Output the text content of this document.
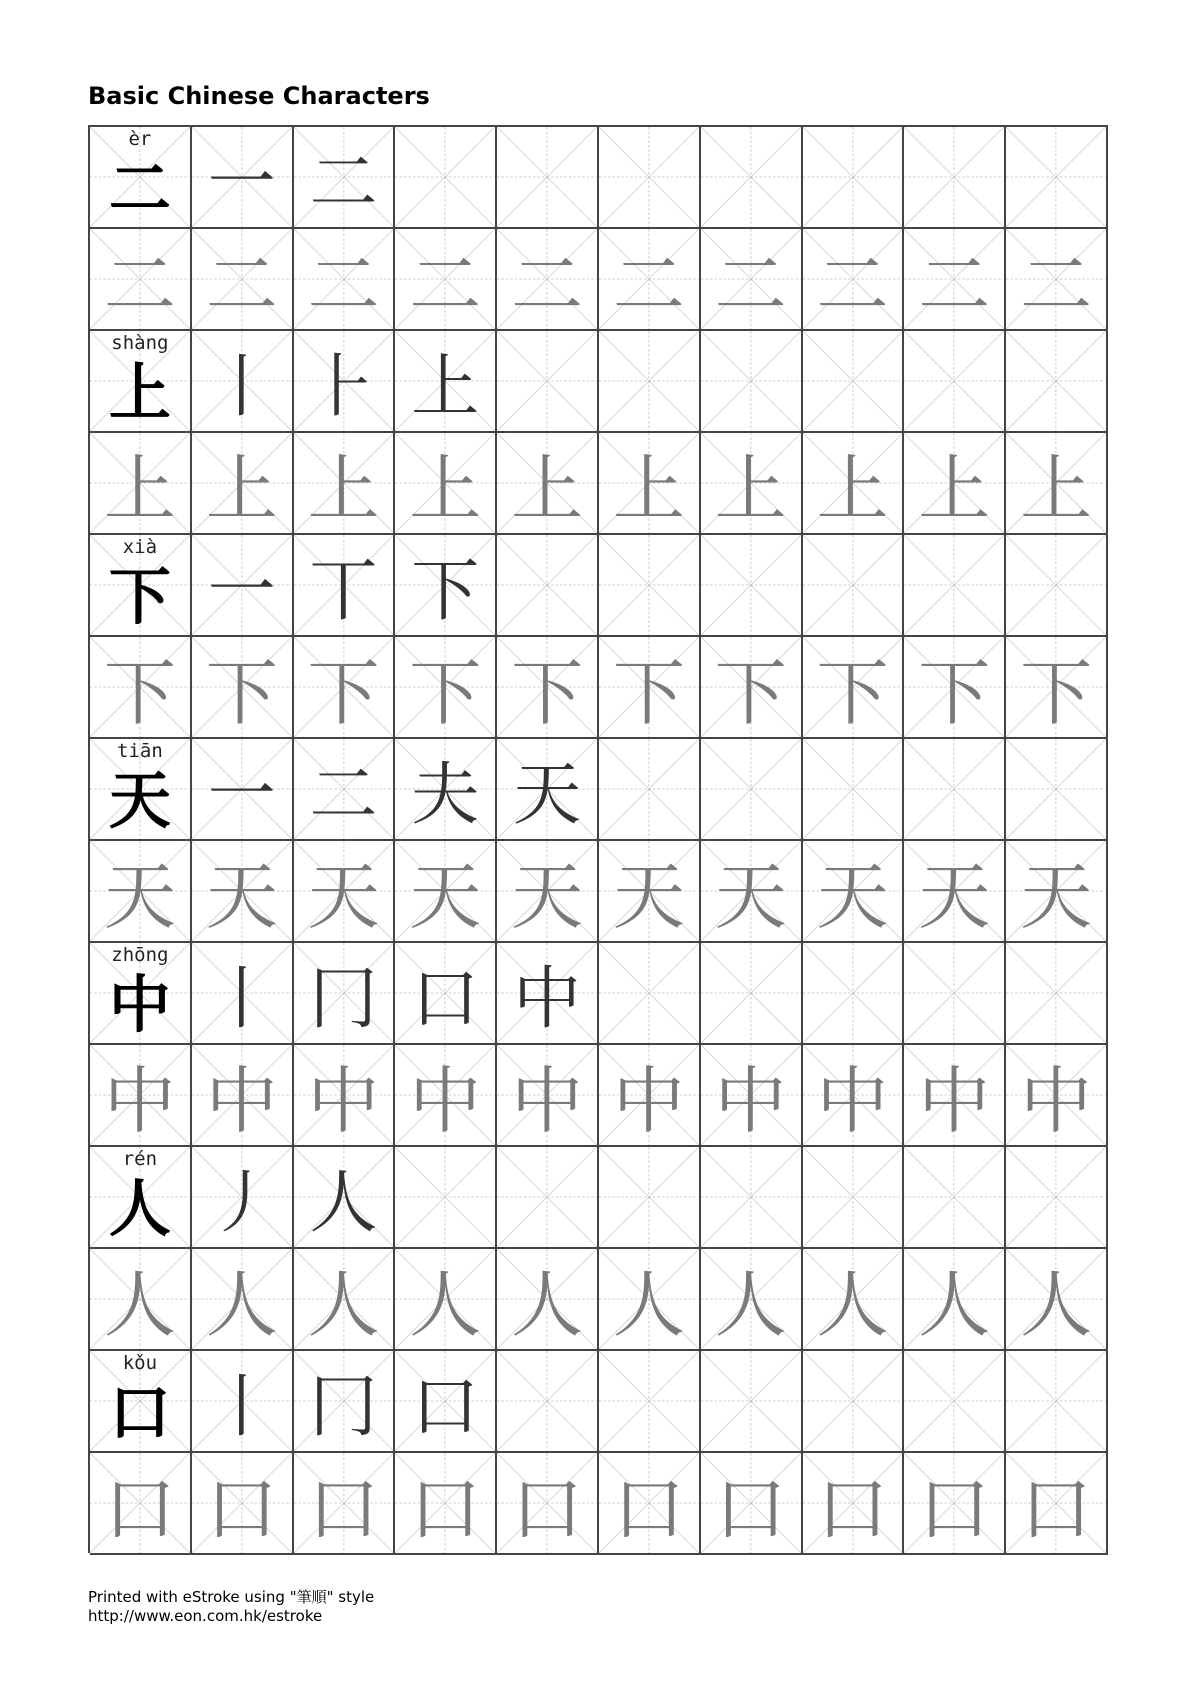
Basic Chinese Characters
èr
二 一 二
二 二 二 二 二 二 二 二 二 二
shàng
上 丨 ⺊ 上
上 上 上 上 上 上 上 上 上 上
xià
下 一 丅 下
下 下 下 下 下 下 下 下 下 下
tiān
天 一 二 夫 天
天 天 天 天 天 天 天 天 天 天
zhōng
中 丨 冂 口 中
中 中 中 中 中 中 中 中 中 中
rén
人 丿 人
人 人 人 人 人 人 人 人 人 人
kǒu
口 丨 冂 口
口 口 口 口 口 口 口 口 口 口
Printed with eStroke using "筆順" style
http://www.eon.com.hk/estroke
